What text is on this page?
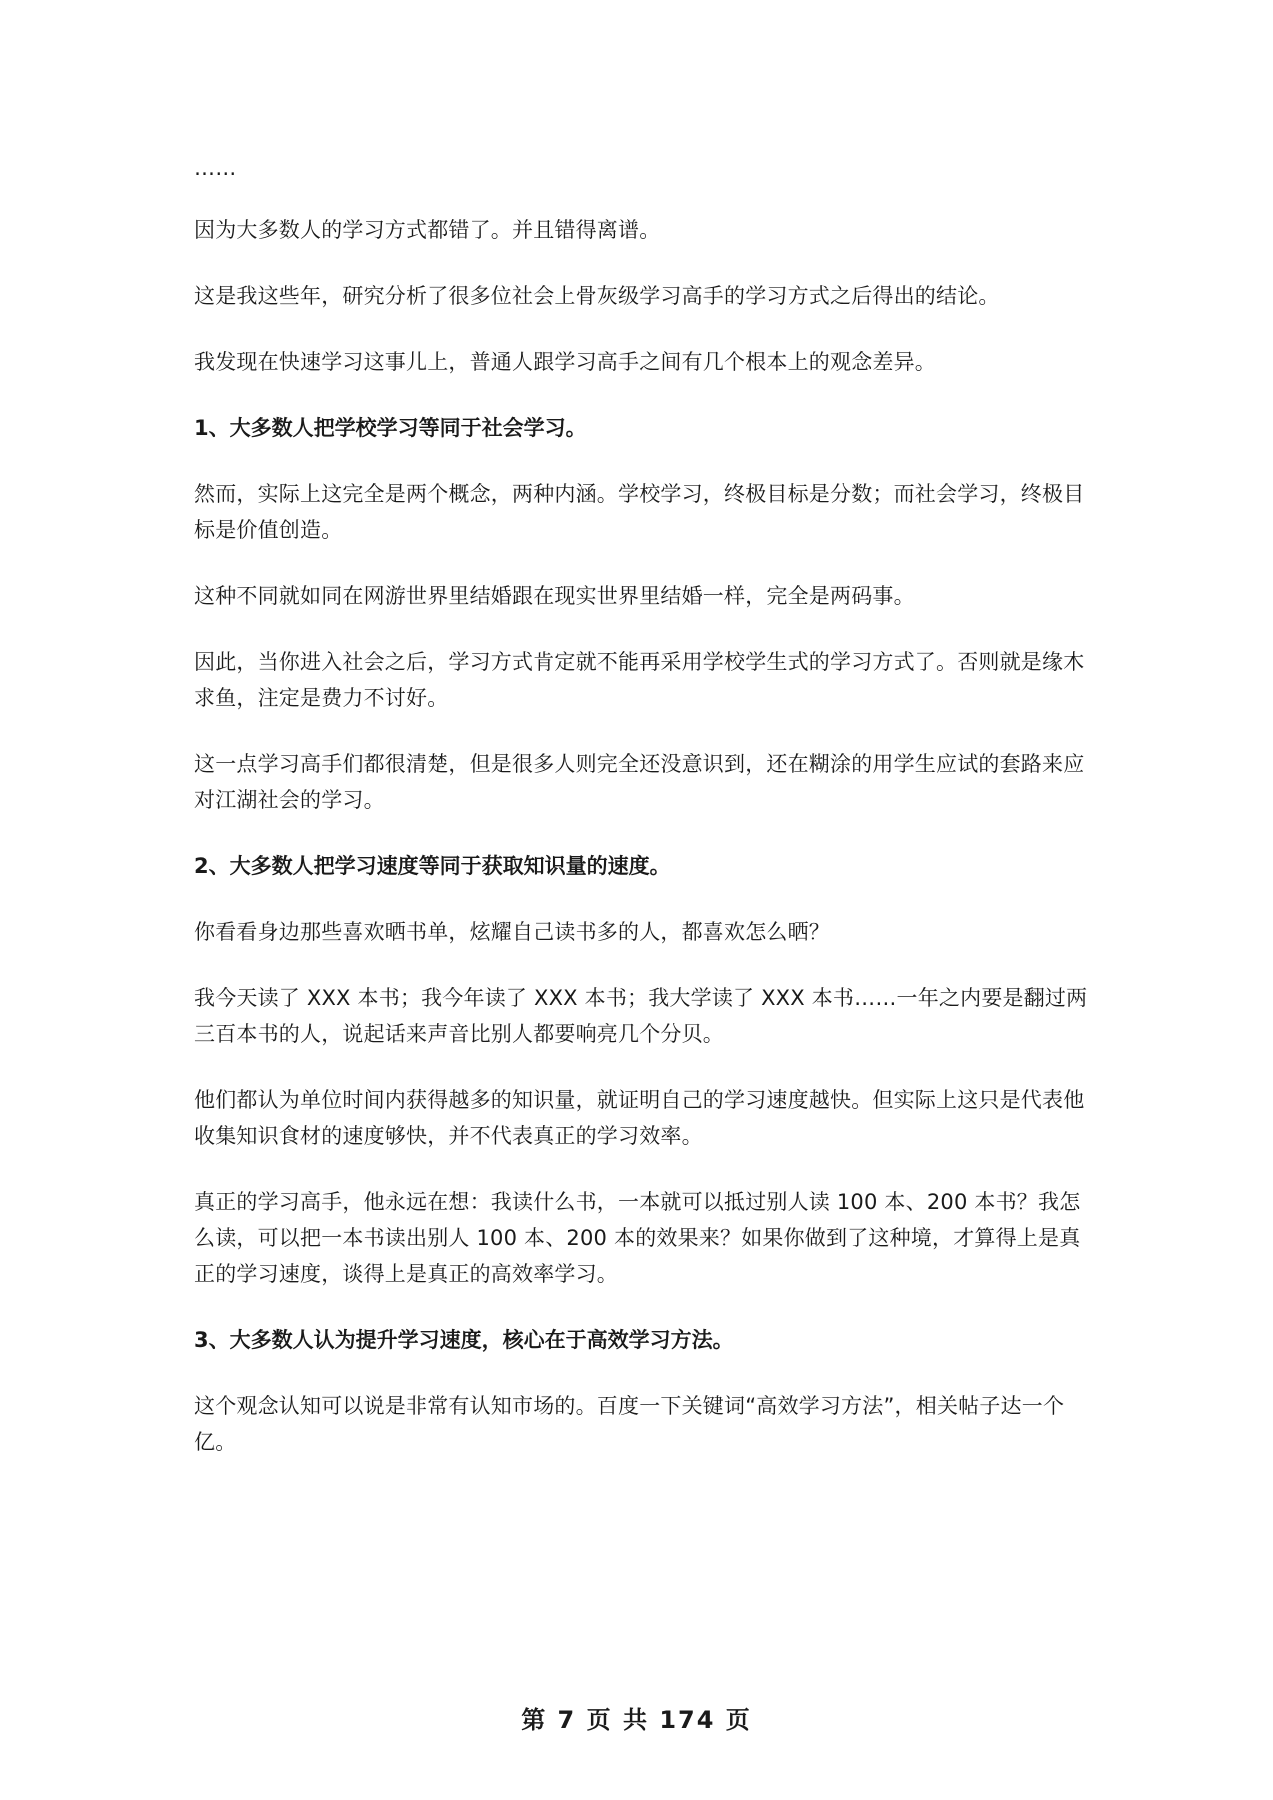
……

因为大多数人的学习方式都错了。并且错得离谱。

这是我这些年，研究分析了很多位社会上骨灰级学习高手的学习方式之后得出的结论。

我发现在快速学习这事儿上，普通人跟学习高手之间有几个根本上的观念差异。

1、大多数人把学校学习等同于社会学习。

然而，实际上这完全是两个概念，两种内涵。学校学习，终极目标是分数；而社会学习，终极目标是价值创造。

这种不同就如同在网游世界里结婚跟在现实世界里结婚一样，完全是两码事。

因此，当你进入社会之后，学习方式肯定就不能再采用学校学生式的学习方式了。否则就是缘木求鱼，注定是费力不讨好。

这一点学习高手们都很清楚，但是很多人则完全还没意识到，还在糊涂的用学生应试的套路来应对江湖社会的学习。

2、大多数人把学习速度等同于获取知识量的速度。

你看看身边那些喜欢晒书单，炫耀自己读书多的人，都喜欢怎么晒？

我今天读了 XXX 本书；我今年读了 XXX 本书；我大学读了 XXX 本书……一年之内要是翻过两三百本书的人，说起话来声音比别人都要响亮几个分贝。

他们都认为单位时间内获得越多的知识量，就证明自己的学习速度越快。但实际上这只是代表他收集知识食材的速度够快，并不代表真正的学习效率。

真正的学习高手，他永远在想：我读什么书，一本就可以抵过别人读 100 本、200 本书？我怎么读，可以把一本书读出别人 100 本、200 本的效果来？如果你做到了这种境，才算得上是真正的学习速度，谈得上是真正的高效率学习。

3、大多数人认为提升学习速度，核心在于高效学习方法。

这个观念认知可以说是非常有认知市场的。百度一下关键词“高效学习方法”，相关帖子达一个亿。

第 7 页 共 174 页
